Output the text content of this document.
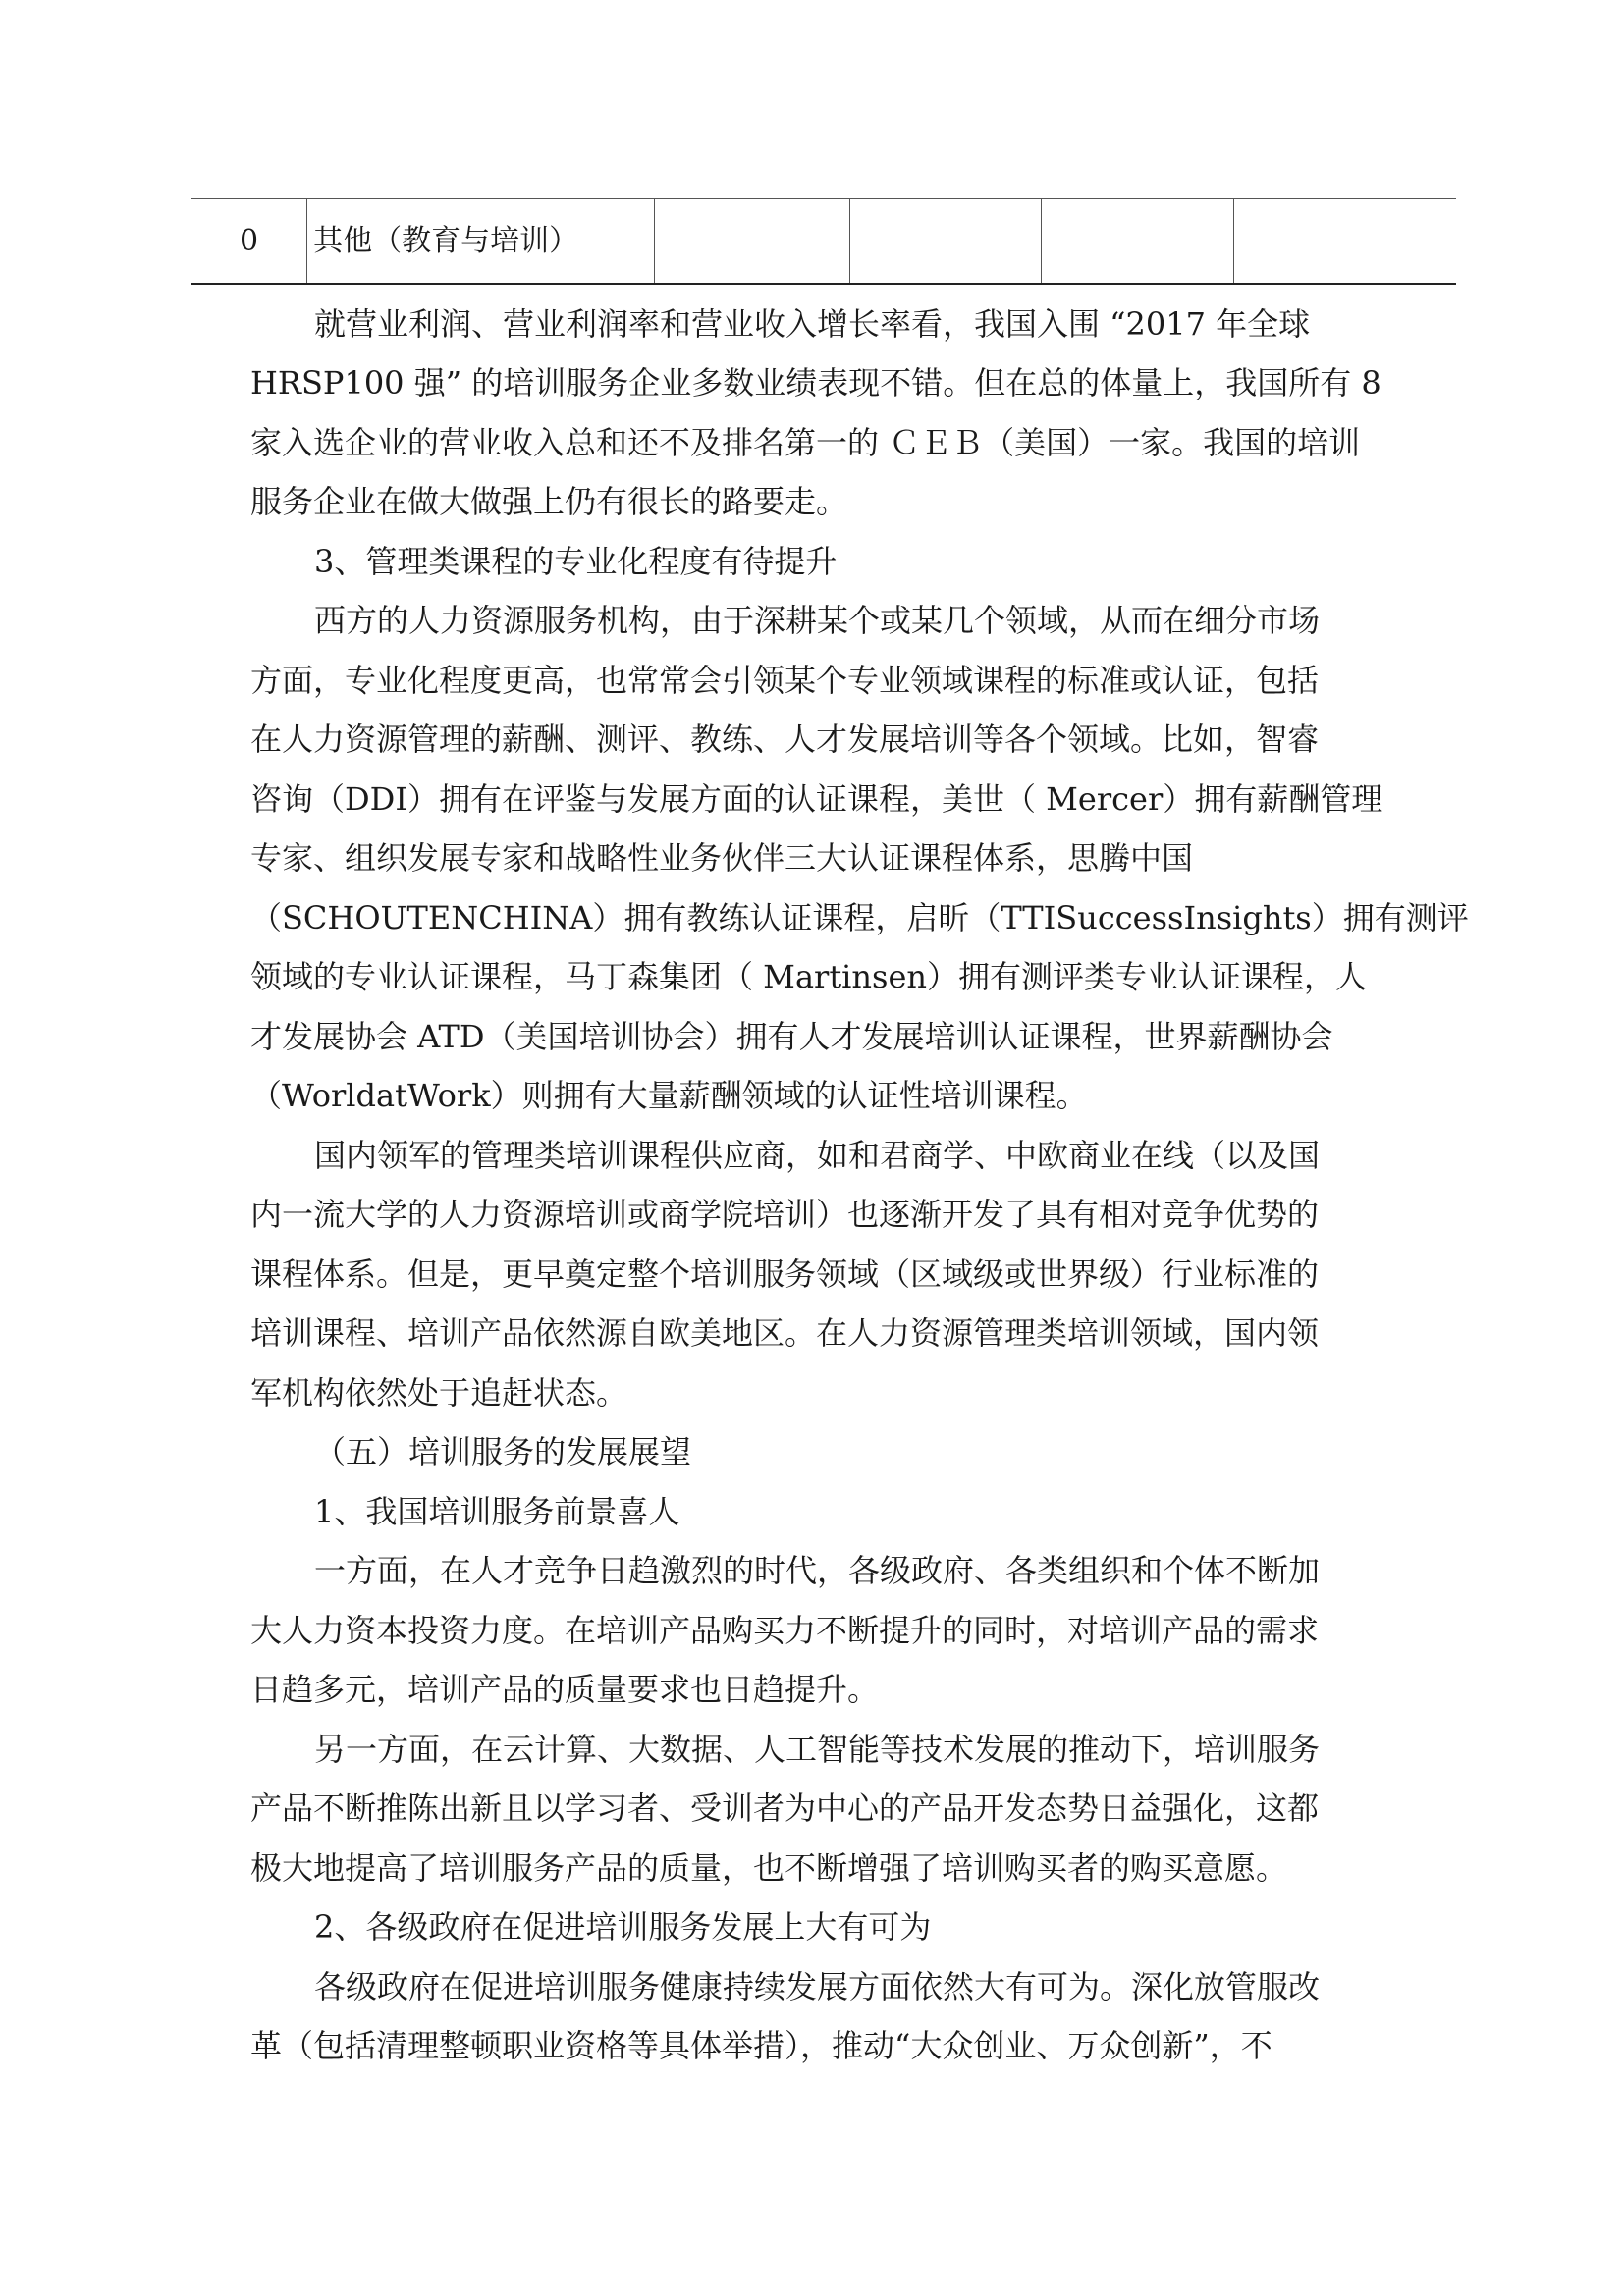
0	其他（教育与培训）				
就营业利润、营业利润率和营业收入增长率看，我国入围 “2017 年全球
HRSP100 强” 的培训服务企业多数业绩表现不错。但在总的体量上，我国所有 8
家入选企业的营业收入总和还不及排名第一的 ＣＥＢ（美国）一家。我国的培训
服务企业在做大做强上仍有很长的路要走。
3、管理类课程的专业化程度有待提升
西方的人力资源服务机构，由于深耕某个或某几个领域，从而在细分市场
方面，专业化程度更高，也常常会引领某个专业领域课程的标准或认证，包括
在人力资源管理的薪酬、测评、教练、人才发展培训等各个领域。比如，智睿
咨询（DDI）拥有在评鉴与发展方面的认证课程，美世（ Mercer）拥有薪酬管理
专家、组织发展专家和战略性业务伙伴三大认证课程体系，思腾中国
（SCHOUTENCHINA）拥有教练认证课程，启昕（TTISuccessInsights）拥有测评
领域的专业认证课程，马丁森集团（ Martinsen）拥有测评类专业认证课程，人
才发展协会 ATD（美国培训协会）拥有人才发展培训认证课程，世界薪酬协会
（WorldatWork）则拥有大量薪酬领域的认证性培训课程。
国内领军的管理类培训课程供应商，如和君商学、中欧商业在线（以及国
内一流大学的人力资源培训或商学院培训）也逐渐开发了具有相对竞争优势的
课程体系。但是，更早奠定整个培训服务领域（区域级或世界级）行业标准的
培训课程、培训产品依然源自欧美地区。在人力资源管理类培训领域，国内领
军机构依然处于追赶状态。
（五）培训服务的发展展望
1、我国培训服务前景喜人
一方面，在人才竞争日趋激烈的时代，各级政府、各类组织和个体不断加
大人力资本投资力度。在培训产品购买力不断提升的同时，对培训产品的需求
日趋多元，培训产品的质量要求也日趋提升。
另一方面，在云计算、大数据、人工智能等技术发展的推动下，培训服务
产品不断推陈出新且以学习者、受训者为中心的产品开发态势日益强化，这都
极大地提高了培训服务产品的质量，也不断增强了培训购买者的购买意愿。
2、各级政府在促进培训服务发展上大有可为
各级政府在促进培训服务健康持续发展方面依然大有可为。深化放管服改
革（包括清理整顿职业资格等具体举措），推动“大众创业、万众创新”，不
